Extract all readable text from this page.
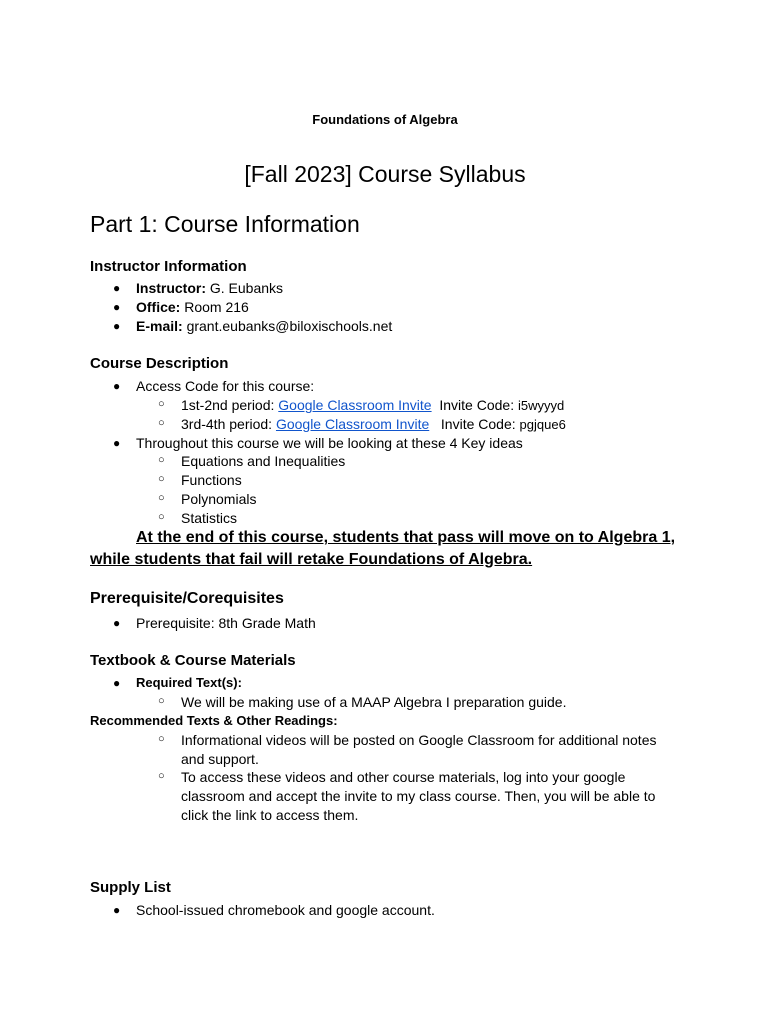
Foundations of Algebra
[Fall 2023] Course Syllabus
Part 1: Course Information
Instructor Information
● Instructor: G. Eubanks
● Office: Room 216
● E-mail: grant.eubanks@biloxischools.net
Course Description
● Access Code for this course:
○ 1st-2nd period: Google Classroom Invite  Invite Code: i5wyyyd
○ 3rd-4th period: Google Classroom Invite   Invite Code: pgjque6
● Throughout this course we will be looking at these 4 Key ideas
○ Equations and Inequalities
○ Functions
○ Polynomials
○ Statistics
At the end of this course, students that pass will move on to Algebra 1, while students that fail will retake Foundations of Algebra.
Prerequisite/Corequisites
● Prerequisite: 8th Grade Math
Textbook & Course Materials
● Required Text(s):
○ We will be making use of a MAAP Algebra I preparation guide.
Recommended Texts & Other Readings:
○ Informational videos will be posted on Google Classroom for additional notes and support.
○ To access these videos and other course materials, log into your google classroom and accept the invite to my class course. Then, you will be able to click the link to access them.
Supply List
● School-issued chromebook and google account.
